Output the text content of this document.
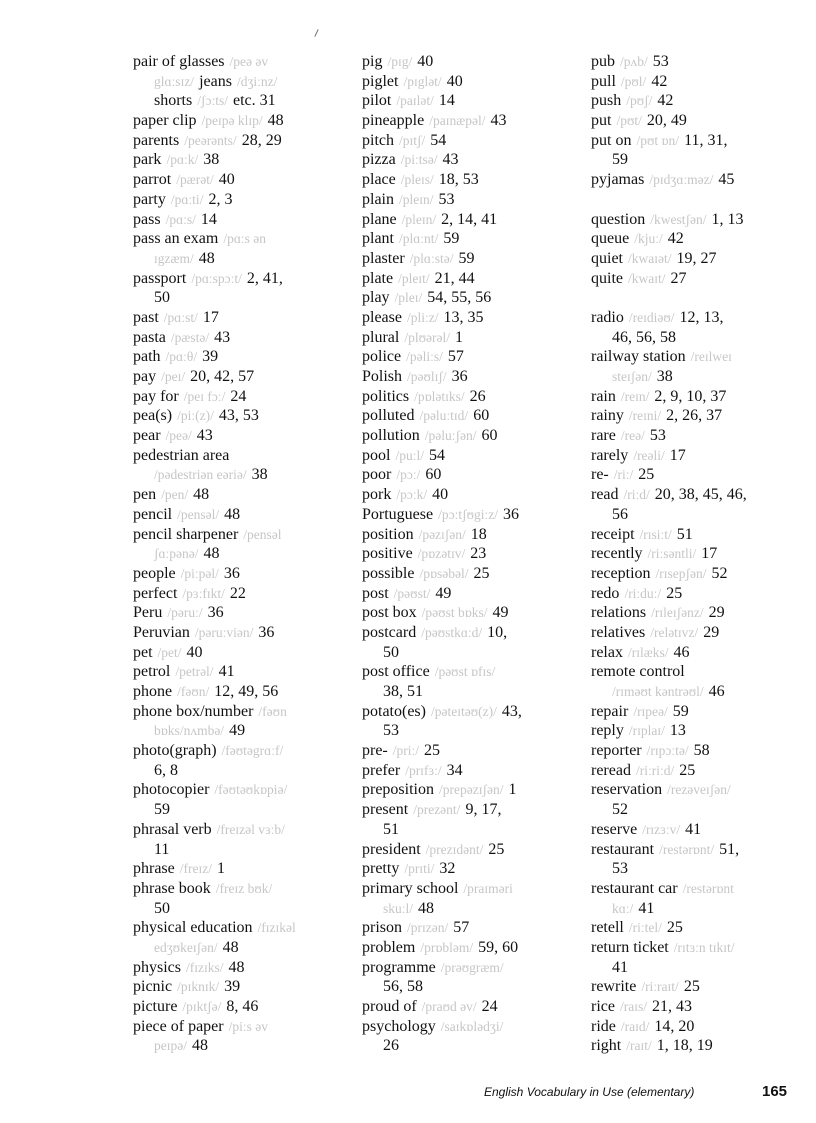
pair of glasses /peə əv
glɑːsɪz/ jeans /dʒiːnz/
shorts /ʃɔːts/ etc. 31
paper clip /peɪpə klɪp/ 48
parents /peərənts/ 28, 29
park /pɑːk/ 38
parrot /pærət/ 40
party /pɑːti/ 2, 3
pass /pɑːs/ 14
pass an exam /pɑːs ən
ɪgzæm/ 48
passport /pɑːspɔːt/ 2, 41,
50
past /pɑːst/ 17
pasta /pæstə/ 43
path /pɑːθ/ 39
pay /peɪ/ 20, 42, 57
pay for /peɪ fɔː/ 24
pea(s) /piː(z)/ 43, 53
pear /peə/ 43
pedestrian area
/pədestriən eəriə/ 38
pen /pen/ 48
pencil /pensəl/ 48
pencil sharpener /pensəl
ʃɑːpənə/ 48
people /piːpəl/ 36
perfect /pɜːfɪkt/ 22
Peru /pəruː/ 36
Peruvian /pəruːviən/ 36
pet /pet/ 40
petrol /petrəl/ 41
phone /fəʊn/ 12, 49, 56
phone box/number /fəʊn
bɒks/nʌmbə/ 49
photo(graph) /fəʊtəgrɑːf/
6, 8
photocopier /fəʊtəʊkɒpiə/
59
phrasal verb /freɪzəl vɜːb/
11
phrase /freɪz/ 1
phrase book /freɪz bʊk/
50
physical education /fɪzɪkəl
edʒʊkeɪʃən/ 48
physics /fɪzɪks/ 48
picnic /pɪknɪk/ 39
picture /pɪktʃə/ 8, 46
piece of paper /piːs əv
peɪpə/ 48
pig /pɪg/ 40
piglet /pɪglət/ 40
pilot /paɪlət/ 14
pineapple /paɪnæpəl/ 43
pitch /pɪtʃ/ 54
pizza /piːtsə/ 43
place /pleɪs/ 18, 53
plain /pleɪn/ 53
plane /pleɪn/ 2, 14, 41
plant /plɑːnt/ 59
plaster /plɑːstə/ 59
plate /pleɪt/ 21, 44
play /pleɪ/ 54, 55, 56
please /pliːz/ 13, 35
plural /plʊərəl/ 1
police /pəliːs/ 57
Polish /pəʊlɪʃ/ 36
politics /pɒlətɪks/ 26
polluted /pəluːtɪd/ 60
pollution /pəluːʃən/ 60
pool /puːl/ 54
poor /pɔː/ 60
pork /pɔːk/ 40
Portuguese /pɔːtʃʊgiːz/ 36
position /pəzɪʃən/ 18
positive /pɒzətɪv/ 23
possible /pɒsəbəl/ 25
post /pəʊst/ 49
post box /pəʊst bɒks/ 49
postcard /pəʊstkɑːd/ 10,
50
post office /pəʊst ɒfɪs/
38, 51
potato(es) /pəteɪtəʊ(z)/ 43,
53
pre- /priː/ 25
prefer /prɪfɜː/ 34
preposition /prepəzɪʃən/ 1
present /prezənt/ 9, 17,
51
president /prezɪdənt/ 25
pretty /prɪti/ 32
primary school /praɪməri
skuːl/ 48
prison /prɪzən/ 57
problem /prɒbləm/ 59, 60
programme /prəʊgræm/
56, 58
proud of /praʊd əv/ 24
psychology /saɪkɒlədʒi/
26
pub /pʌb/ 53
pull /pʊl/ 42
push /pʊʃ/ 42
put /pʊt/ 20, 49
put on /pʊt ɒn/ 11, 31,
59
pyjamas /pɪdʒɑːməz/ 45
question /kwestʃən/ 1, 13
queue /kjuː/ 42
quiet /kwaɪət/ 19, 27
quite /kwaɪt/ 27
radio /reɪdiəʊ/ 12, 13,
46, 56, 58
railway station /reɪlweɪ
steɪʃən/ 38
rain /reɪn/ 2, 9, 10, 37
rainy /reɪni/ 2, 26, 37
rare /reə/ 53
rarely /reəli/ 17
re- /riː/ 25
read /riːd/ 20, 38, 45, 46,
56
receipt /rɪsiːt/ 51
recently /riːsəntli/ 17
reception /rɪsepʃən/ 52
redo /riːduː/ 25
relations /rɪleɪʃənz/ 29
relatives /relətɪvz/ 29
relax /rɪlæks/ 46
remote control
/rɪməʊt kəntrəʊl/ 46
repair /rɪpeə/ 59
reply /rɪplaɪ/ 13
reporter /rɪpɔːtə/ 58
reread /riːriːd/ 25
reservation /rezəveɪʃən/
52
reserve /rɪzɜːv/ 41
restaurant /restərɒnt/ 51,
53
restaurant car /restərɒnt
kɑː/ 41
retell /riːtel/ 25
return ticket /rɪtɜːn tɪkɪt/
41
rewrite /riːraɪt/ 25
rice /raɪs/ 21, 43
ride /raɪd/ 14, 20
right /raɪt/ 1, 18, 19
English Vocabulary in Use (elementary)	165
